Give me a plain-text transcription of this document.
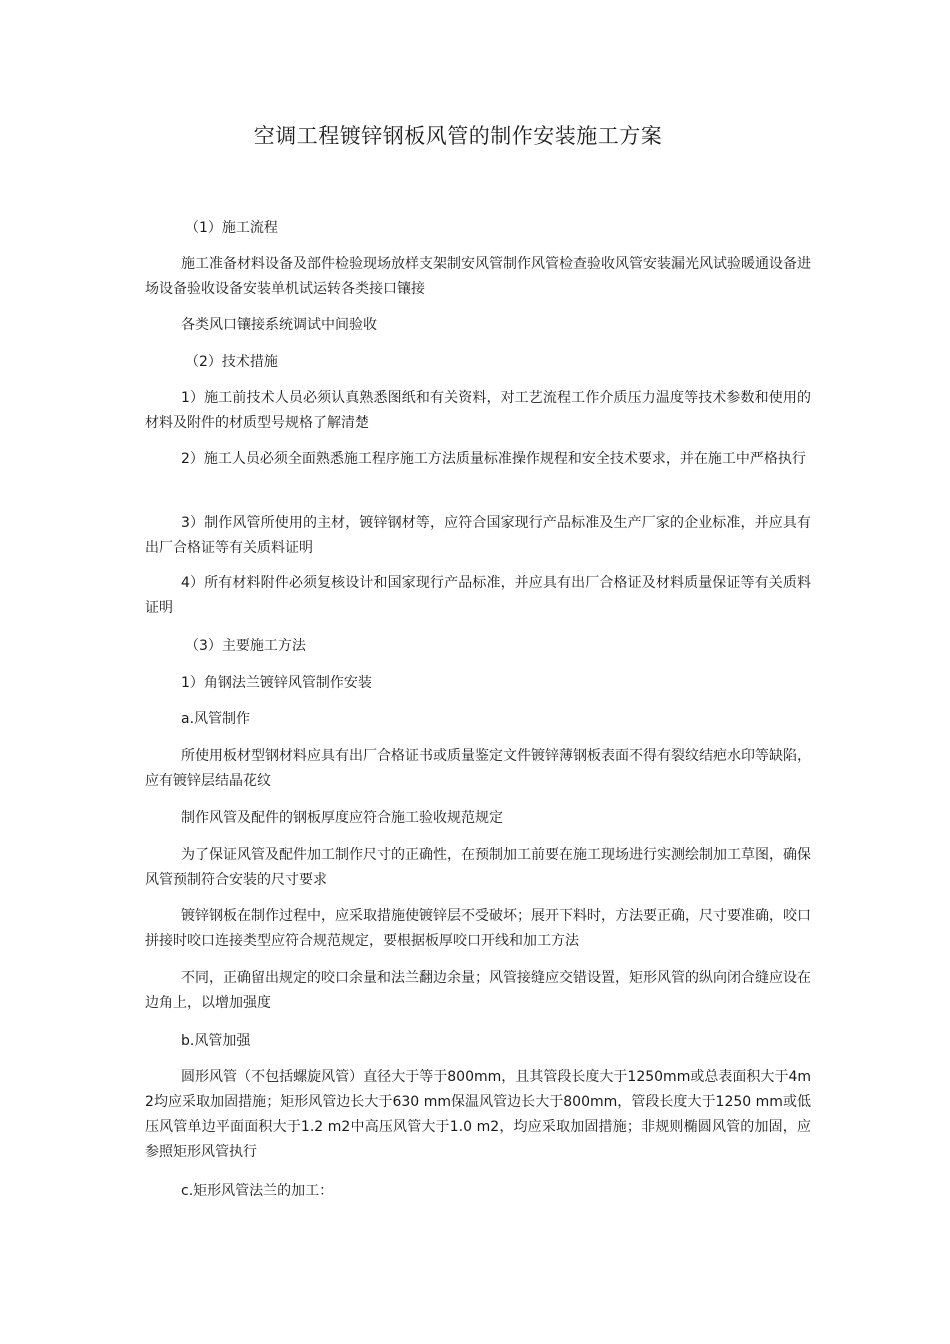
空调工程镀锌钢板风管的制作安装施工方案

（1）施工流程

施工准备材料设备及部件检验现场放样支架制安风管制作风管检查验收风管安装漏光风试验暖通设备进场设备验收设备安装单机试运转各类接口镶接

各类风口镶接系统调试中间验收

（2）技术措施

1）施工前技术人员必须认真熟悉图纸和有关资料，对工艺流程工作介质压力温度等技术参数和使用的材料及附件的材质型号规格了解清楚

2）施工人员必须全面熟悉施工程序施工方法质量标准操作规程和安全技术要求，并在施工中严格执行

3）制作风管所使用的主材，镀锌钢材等，应符合国家现行产品标准及生产厂家的企业标准，并应具有出厂合格证等有关质料证明

4）所有材料附件必须复核设计和国家现行产品标准，并应具有出厂合格证及材料质量保证等有关质料证明

（3）主要施工方法

1）角钢法兰镀锌风管制作安装

a.风管制作

所使用板材型钢材料应具有出厂合格证书或质量鉴定文件镀锌薄钢板表面不得有裂纹结疤水印等缺陷，应有镀锌层结晶花纹

制作风管及配件的钢板厚度应符合施工验收规范规定

为了保证风管及配件加工制作尺寸的正确性，在预制加工前要在施工现场进行实测绘制加工草图，确保风管预制符合安装的尺寸要求

镀锌钢板在制作过程中，应采取措施使镀锌层不受破坏；展开下料时，方法要正确，尺寸要准确，咬口拼接时咬口连接类型应符合规范规定，要根据板厚咬口开线和加工方法

不同，正确留出规定的咬口余量和法兰翻边余量；风管接缝应交错设置，矩形风管的纵向闭合缝应设在边角上，以增加强度

b.风管加强

圆形风管（不包括螺旋风管）直径大于等于800mm，且其管段长度大于1250mm或总表面积大于4m2均应采取加固措施；矩形风管边长大于630 mm保温风管边长大于800mm，管段长度大于1250 mm或低压风管单边平面面积大于1.2 m2中高压风管大于1.0 m2，均应采取加固措施；非规则椭圆风管的加固，应参照矩形风管执行

c.矩形风管法兰的加工：
